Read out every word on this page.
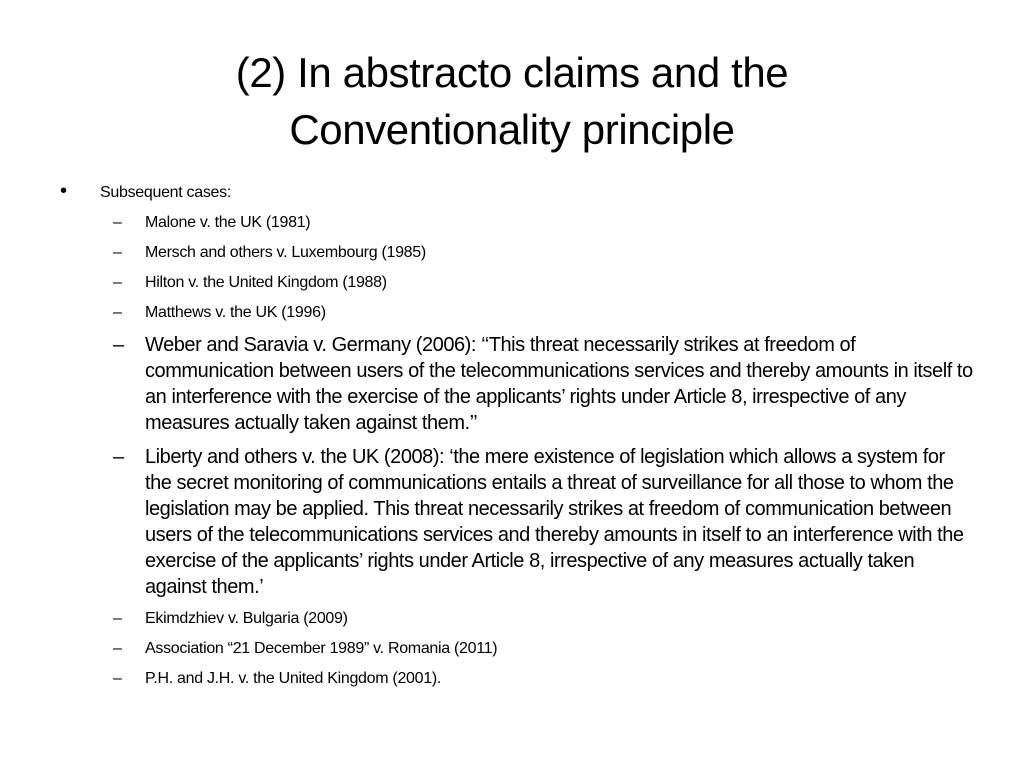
(2) In abstracto claims and the
Conventionality principle
• Subsequent cases:
– Malone v. the UK (1981)
– Mersch and others v. Luxembourg (1985)
– Hilton v. the United Kingdom (1988)
– Matthews v. the UK (1996)
– Weber and Saravia v. Germany (2006): ‘‘This threat necessarily strikes at freedom of communication between users of the telecommunications services and thereby amounts in itself to an interference with the exercise of the applicants’ rights under Article 8, irrespective of any measures actually taken against them.’’
– Liberty and others v. the UK (2008): ‘the mere existence of legislation which allows a system for the secret monitoring of communications entails a threat of surveillance for all those to whom the legislation may be applied. This threat necessarily strikes at freedom of communication between users of the telecommunications services and thereby amounts in itself to an interference with the exercise of the applicants’ rights under Article 8, irrespective of any measures actually taken against them.’
– Ekimdzhiev v. Bulgaria (2009)
– Association “21 December 1989” v. Romania (2011)
– P.H. and J.H. v. the United Kingdom (2001).
